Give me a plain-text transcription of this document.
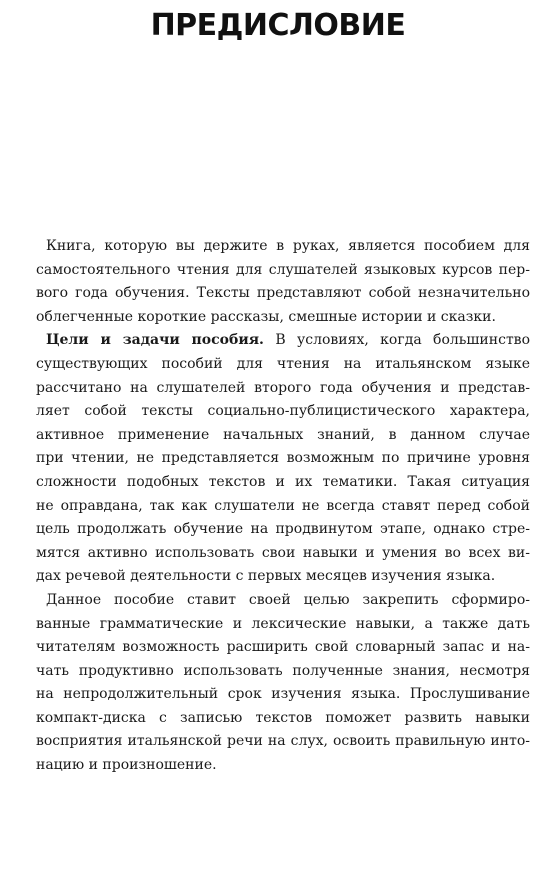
ПРЕДИСЛОВИЕ
Книга, которую вы держите в руках, является пособием для
самостоятельного чтения для слушателей языковых курсов пер-
вого года обучения. Тексты представляют собой незначительно
облегченные короткие рассказы, смешные истории и сказки.
Цели и задачи пособия. В условиях, когда большинство
существующих пособий для чтения на итальянском языке
рассчитано на слушателей второго года обучения и представ-
ляет собой тексты социально-публицистического характера,
активное применение начальных знаний, в данном случае
при чтении, не представляется возможным по причине уровня
сложности подобных текстов и их тематики. Такая ситуация
не оправдана, так как слушатели не всегда ставят перед собой
цель продолжать обучение на продвинутом этапе, однако стре-
мятся активно использовать свои навыки и умения во всех ви-
дах речевой деятельности с первых месяцев изучения языка.
Данное пособие ставит своей целью закрепить сформиро-
ванные грамматические и лексические навыки, а также дать
читателям возможность расширить свой словарный запас и на-
чать продуктивно использовать полученные знания, несмотря
на непродолжительный срок изучения языка. Прослушивание
компакт-диска с записью текстов поможет развить навыки
восприятия итальянской речи на слух, освоить правильную инто-
нацию и произношение.
